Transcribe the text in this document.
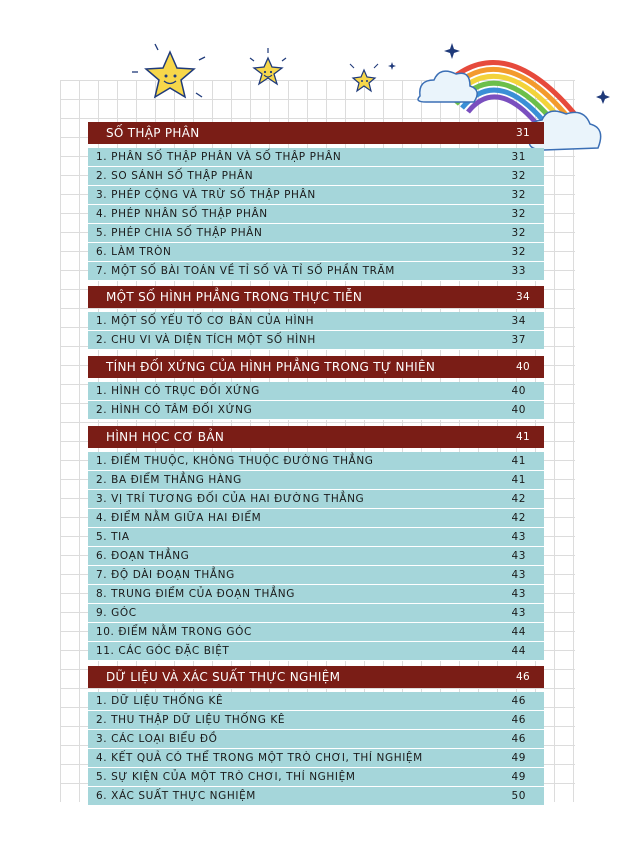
SỐ THẬP PHÂN	31
1. PHÂN SỐ THẬP PHÂN VÀ SỐ THẬP PHÂN	31
2. SO SÁNH SỐ THẬP PHÂN	32
3. PHÉP CỘNG VÀ TRỪ SỐ THẬP PHÂN	32
4. PHÉP NHÂN SỐ THẬP PHÂN	32
5. PHÉP CHIA SỐ THẬP PHÂN	32
6. LÀM TRÒN	32
7. MỘT SỐ BÀI TOÁN VỀ TỈ SỐ VÀ TỈ SỐ PHẦN TRĂM	33
MỘT SỐ HÌNH PHẲNG TRONG THỰC TIỄN	34
1. MỘT SỐ YẾU TỐ CƠ BẢN CỦA HÌNH	34
2. CHU VI VÀ DIỆN TÍCH MỘT SỐ HÌNH	37
TÍNH ĐỐI XỨNG CỦA HÌNH PHẲNG TRONG TỰ NHIÊN	40
1. HÌNH CÓ TRỤC ĐỐI XỨNG	40
2. HÌNH CÓ TÂM ĐỐI XỨNG	40
HÌNH HỌC CƠ BẢN	41
1. ĐIỂM THUỘC, KHÔNG THUỘC ĐƯỜNG THẲNG	41
2. BA ĐIỂM THẲNG HÀNG	41
3. VỊ TRÍ TƯƠNG ĐỐI CỦA HAI ĐƯỜNG THẲNG	42
4. ĐIỂM NẰM GIỮA HAI ĐIỂM	42
5. TIA	43
6. ĐOẠN THẲNG	43
7. ĐỘ DÀI ĐOẠN THẲNG	43
8. TRUNG ĐIỂM CỦA ĐOẠN THẲNG	43
9. GÓC	43
10. ĐIỂM NẰM TRONG GÓC	44
11. CÁC GÓC ĐẶC BIỆT	44
DỮ LIỆU VÀ XÁC SUẤT THỰC NGHIỆM	46
1. DỮ LIỆU THỐNG KÊ	46
2. THU THẬP DỮ LIỆU THỐNG KÊ	46
3. CÁC LOẠI BIỂU ĐỒ	46
4. KẾT QUẢ CÓ THỂ TRONG MỘT TRÒ CHƠI, THÍ NGHIỆM	49
5. SỰ KIỆN CỦA MỘT TRÒ CHƠI, THÍ NGHIỆM	49
6. XÁC SUẤT THỰC NGHIỆM	50
